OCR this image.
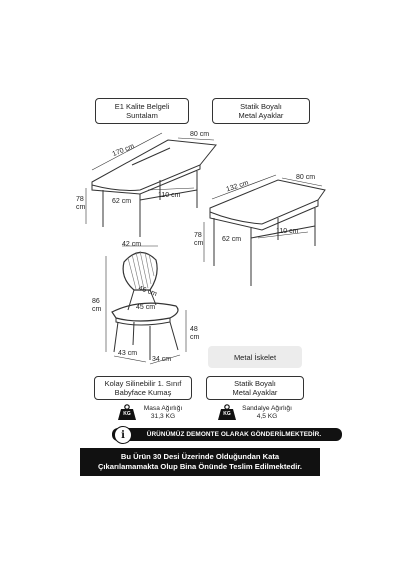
E1 Kalite Belgeli
Suntalam
Statik Boyalı
Metal Ayaklar
170 cm
80 cm
78 cm
62 cm
110 cm
132 cm
80 cm
78 cm
62 cm
110 cm
42 cm
86 cm
46 cm
45 cm
48 cm
43 cm
34 cm	Metal İskelet
Kolay Silinebilir 1. Sınıf
Babyface Kumaş
Statik Boyalı
Metal Ayaklar
KG
Masa Ağırlığı
31,3 KG	KG
Sandalye Ağırlığı
4,5 KG
ÜRÜNÜMÜZ DEMONTE OLARAK GÖNDERİLMEKTEDİR.
i
Bu Ürün 30 Desi Üzerinde Olduğundan Kata
Çıkarılamamakta Olup Bina Önünde Teslim Edilmektedir.
